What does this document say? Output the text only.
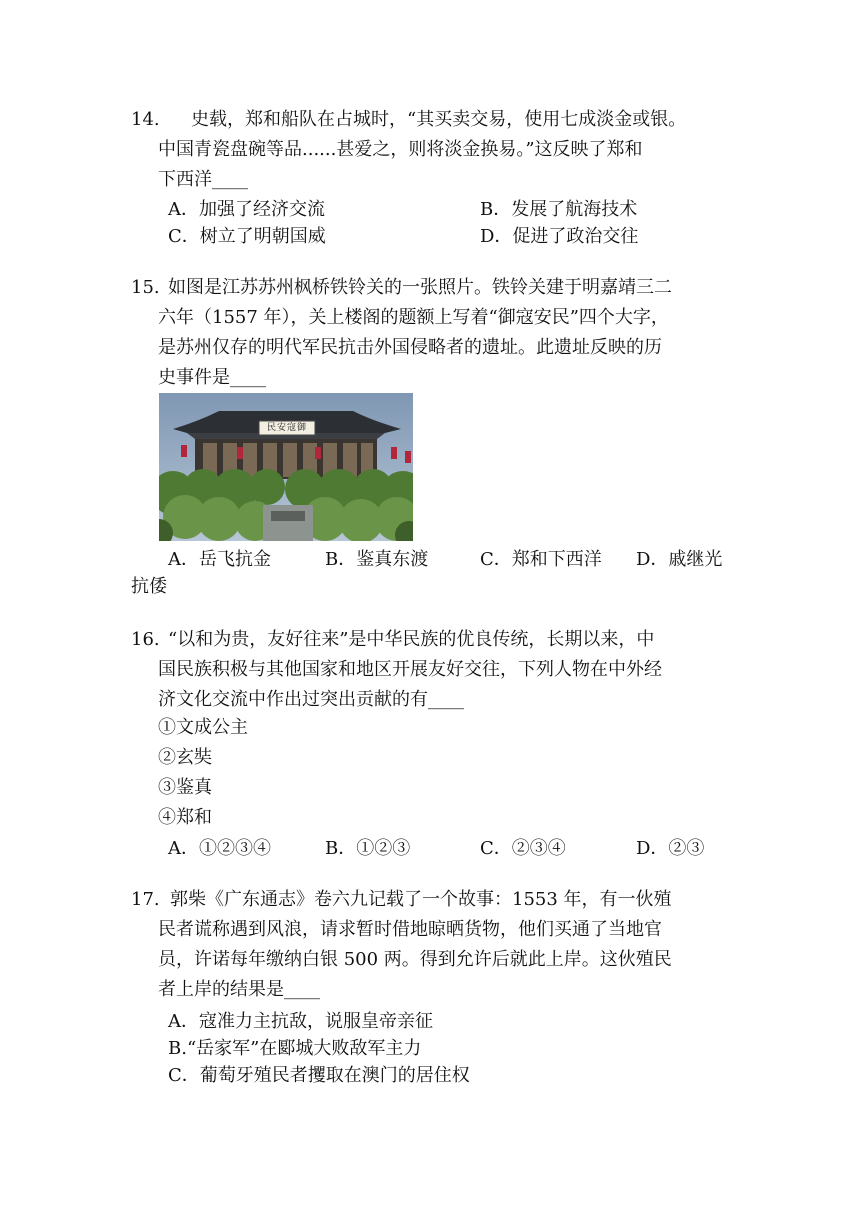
14. 史载，郑和船队在占城时，“其买卖交易，使用七成淡金或银。
中国青瓷盘碗等品......甚爱之，则将淡金换易。”这反映了郑和
下西洋____
A．加强了经济交流	B．发展了航海技术
C．树立了明朝国威	D．促进了政治交往
15. 如图是江苏苏州枫桥铁铃关的一张照片。铁铃关建于明嘉靖三二
六年（1557 年），关上楼阁的题额上写着“御寇安民”四个大字，
是苏州仅存的明代军民抗击外国侵略者的遗址。此遗址反映的历
史事件是____
民安寇御
A．岳飞抗金	B．鉴真东渡	C．郑和下西洋 D．戚继光
抗倭
16. “以和为贵，友好往来”是中华民族的优良传统，长期以来，中
国民族积极与其他国家和地区开展友好交往，下列人物在中外经
济文化交流中作出过突出贡献的有____
①文成公主
②玄奘
③鉴真
④郑和
A．①②③④	B．①②③	C．②③④	D．②③
17. 郭柴《广东通志》卷六九记载了一个故事：1553 年，有一伙殖
民者谎称遇到风浪，请求暂时借地晾晒货物，他们买通了当地官
员，许诺每年缴纳白银 500 两。得到允许后就此上岸。这伙殖民
者上岸的结果是____
A．寇准力主抗敌，说服皇帝亲征
B.“岳家军”在郾城大败敌军主力
C．葡萄牙殖民者攫取在澳门的居住权
